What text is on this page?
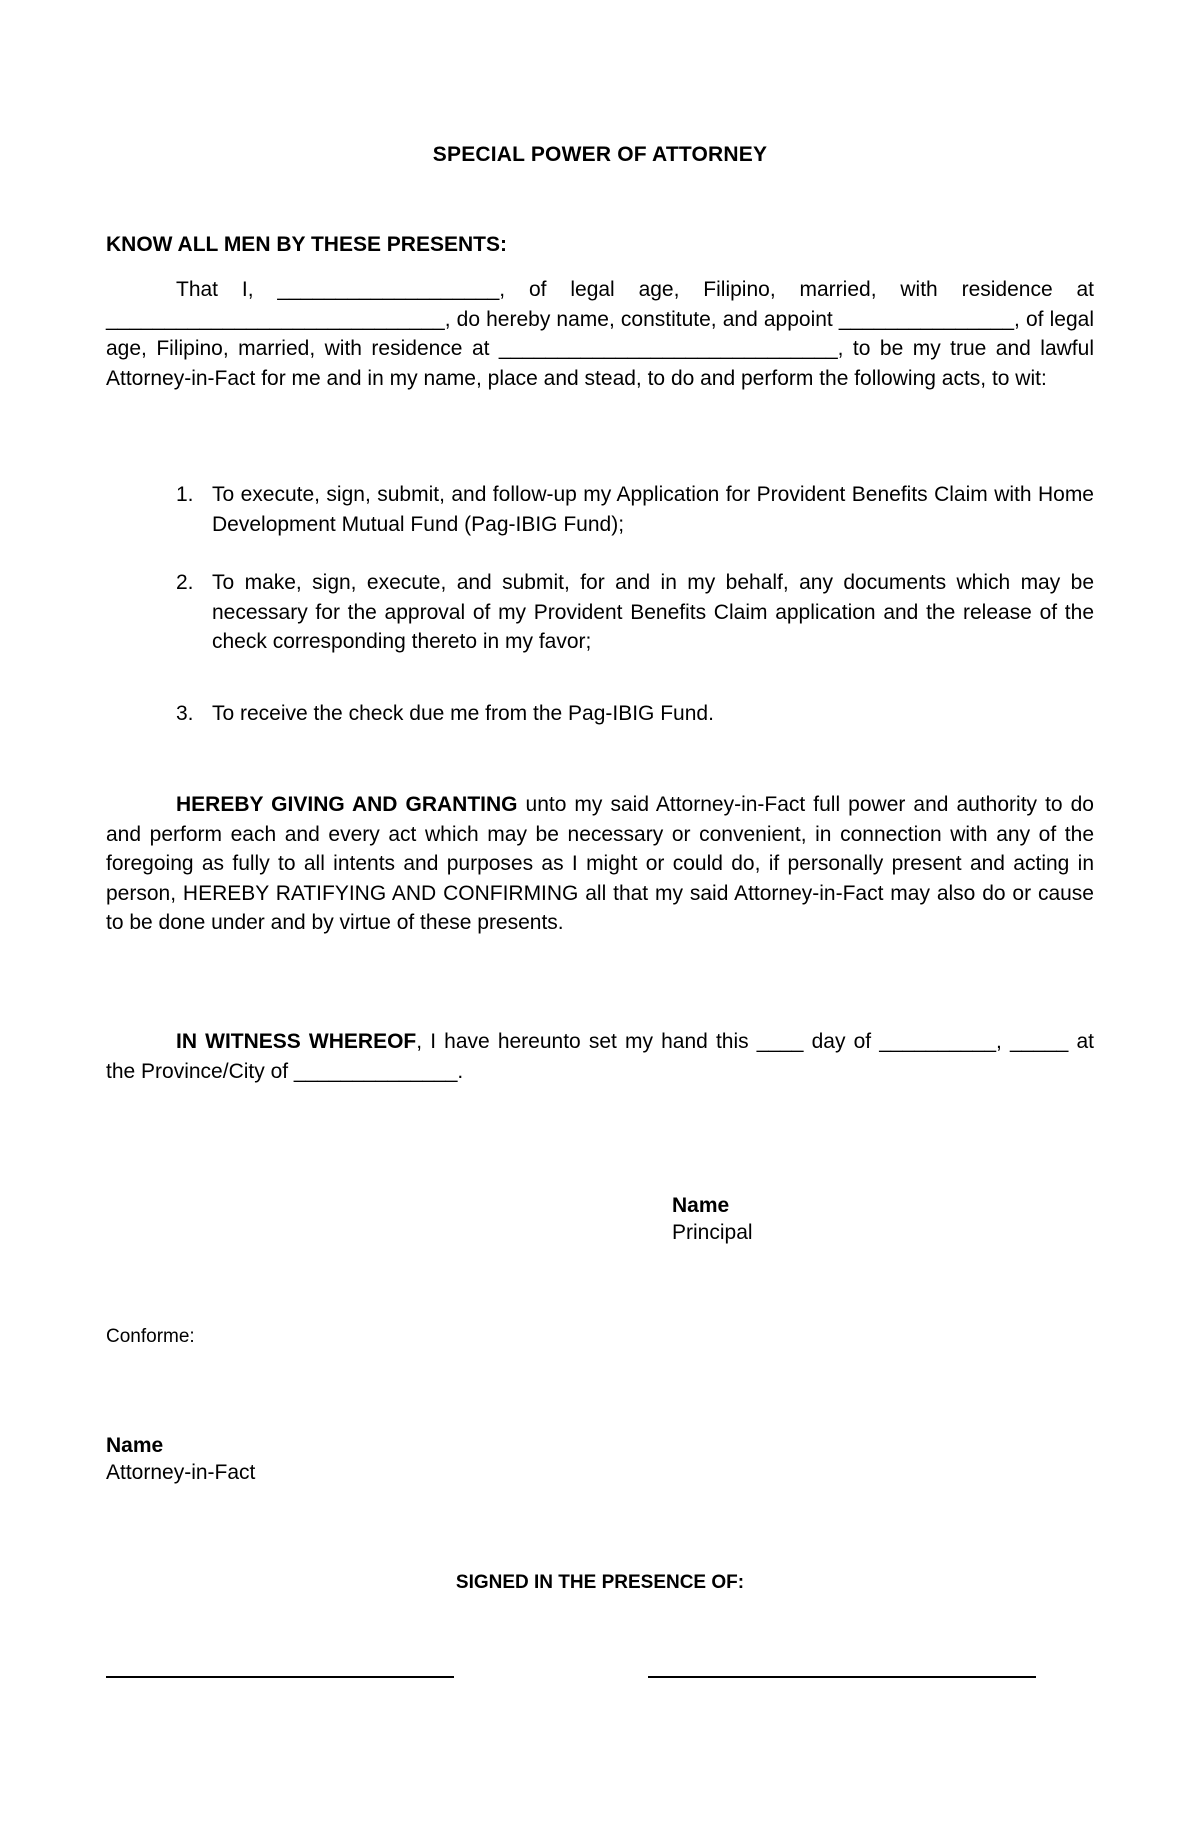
SPECIAL POWER OF ATTORNEY
KNOW ALL MEN BY THESE PRESENTS:
That I, ___________________, of legal age, Filipino, married, with residence at _____________________________, do hereby name, constitute, and appoint _______________, of legal age, Filipino, married, with residence at _____________________________, to be my true and lawful Attorney-in-Fact for me and in my name, place and stead, to do and perform the following acts, to wit:
1. To execute, sign, submit, and follow-up my Application for Provident Benefits Claim with Home Development Mutual Fund (Pag-IBIG Fund);
2. To make, sign, execute, and submit, for and in my behalf, any documents which may be necessary for the approval of my Provident Benefits Claim application and the release of the check corresponding thereto in my favor;
3. To receive the check due me from the Pag-IBIG Fund.
HEREBY GIVING AND GRANTING unto my said Attorney-in-Fact full power and authority to do and perform each and every act which may be necessary or convenient, in connection with any of the foregoing as fully to all intents and purposes as I might or could do, if personally present and acting in person, HEREBY RATIFYING AND CONFIRMING all that my said Attorney-in-Fact may also do or cause to be done under and by virtue of these presents.
IN WITNESS WHEREOF, I have hereunto set my hand this ____ day of __________, _____ at the Province/City of ______________.
Name
Principal
Conforme:
Name
Attorney-in-Fact
SIGNED IN THE PRESENCE OF:
